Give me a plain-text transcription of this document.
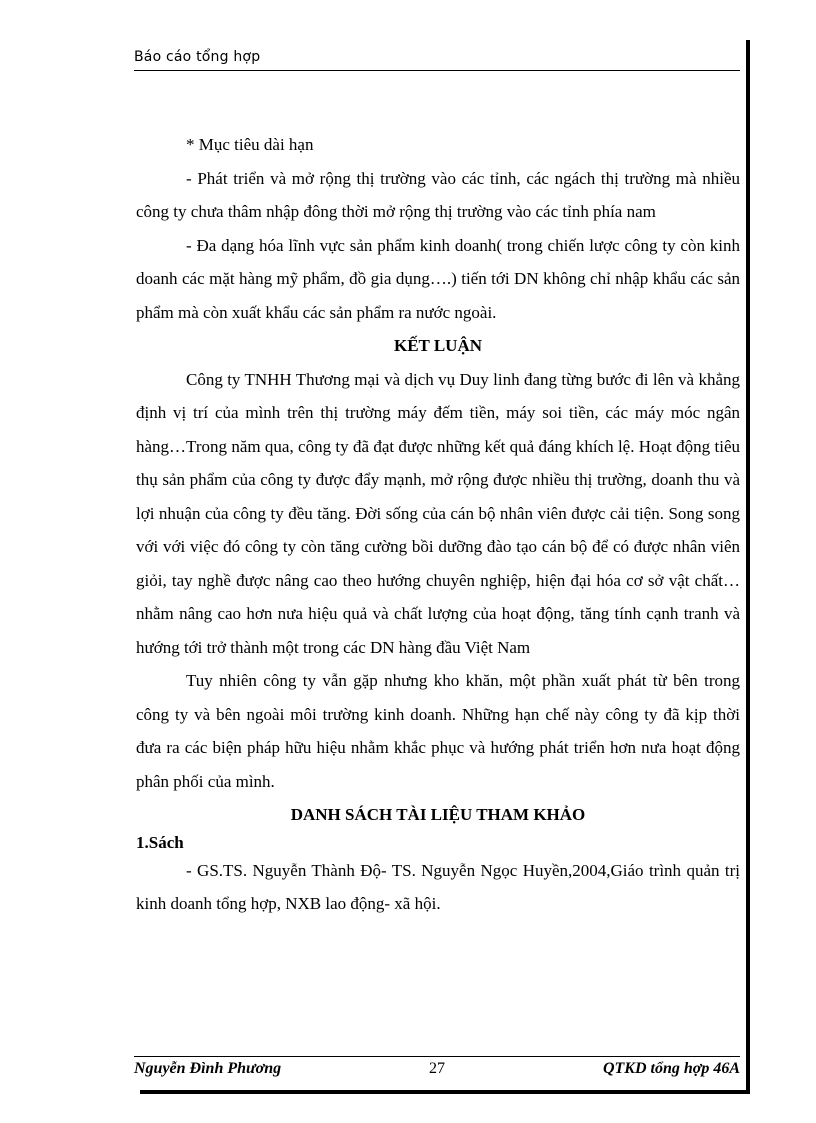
Báo cáo tổng hợp

* Mục tiêu dài hạn

- Phát triển và mở rộng thị trường vào các tỉnh, các ngách thị trường mà nhiều công ty chưa thâm nhập đông thời mở rộng thị trường vào các tỉnh phía nam

- Đa dạng hóa lĩnh vực sản phẩm kinh doanh( trong chiến lược công ty còn kinh doanh các mặt hàng mỹ phẩm, đồ gia dụng….) tiến tới DN không chỉ nhập khẩu các sản phẩm mà còn xuất khẩu các sản phẩm ra nước ngoài.

KẾT LUẬN

Công ty TNHH Thương mại và dịch vụ Duy linh đang từng bước đi lên và khẳng định vị trí của mình trên thị trường máy đếm tiền, máy soi tiền, các máy móc ngân hàng…Trong năm qua, công ty đã đạt được những kết quả đáng khích lệ. Hoạt động tiêu thụ sản phẩm của công ty được đẩy mạnh, mở rộng được nhiều thị trường, doanh thu và lợi nhuận của công ty đều tăng. Đời sống của cán bộ nhân viên được cải tiện. Song song với với việc đó công ty còn tăng cường bồi dưỡng đào tạo cán bộ để có được nhân viên giỏi, tay nghề được nâng cao theo hướng chuyên nghiệp, hiện đại hóa cơ sở vật chất…nhằm nâng cao hơn nưa hiệu quả và chất lượng của hoạt động, tăng tính cạnh tranh và hướng tới trở thành một trong các DN hàng đầu Việt Nam

Tuy nhiên công ty vẫn gặp nhưng kho khăn, một phần xuất phát từ bên trong công ty và bên ngoài môi trường kinh doanh. Những hạn chế này công ty đã kịp thời đưa ra các biện pháp hữu hiệu nhằm khắc phục và hướng phát triển hơn nưa hoạt động phân phối của mình.

DANH SÁCH TÀI LIỆU THAM KHẢO

1.Sách

- GS.TS. Nguyễn Thành Độ- TS. Nguyễn Ngọc Huyền,2004,Giáo trình quản trị kinh doanh tổng hợp, NXB lao động- xã hội.

Nguyễn Đình Phương	27	QTKD tổng hợp 46A
